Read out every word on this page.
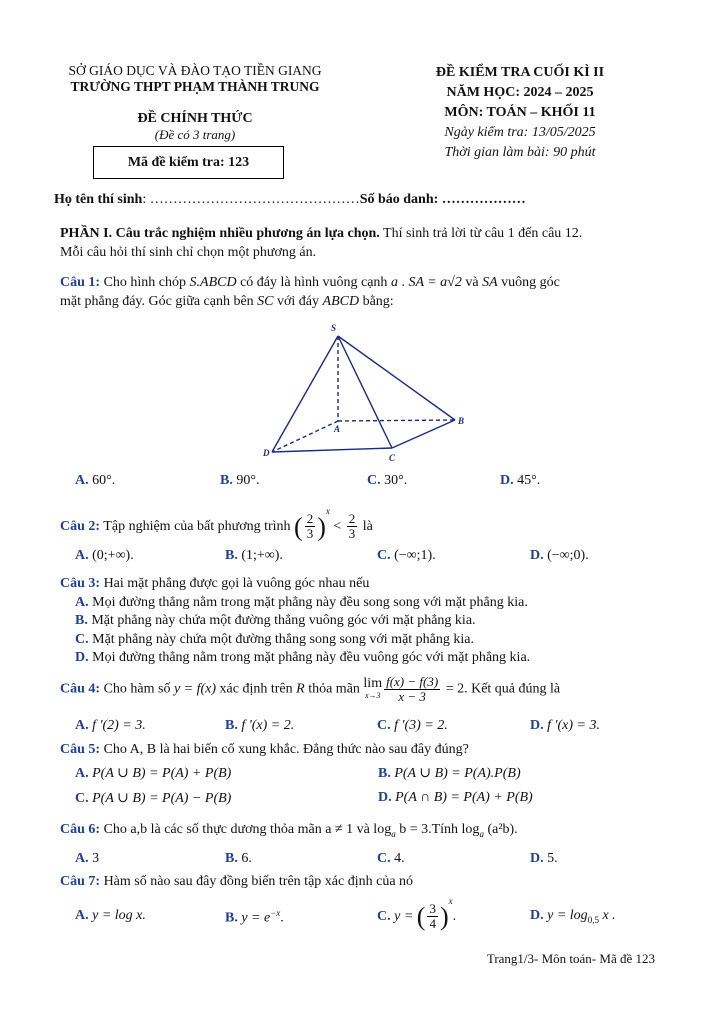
SỞ GIÁO DỤC VÀ ĐÀO TẠO TIỀN GIANG
TRƯỜNG THPT PHẠM THÀNH TRUNG
ĐỀ CHÍNH THỨC
(Đề có 3 trang)
Mã đề kiểm tra: 123
ĐỀ KIỂM TRA CUỐI KÌ II
NĂM HỌC: 2024 – 2025
MÔN: TOÁN – KHỐI 11
Ngày kiểm tra: 13/05/2025
Thời gian làm bài: 90 phút
Họ tên thí sinh: ………………………………………Số báo danh: ………………
PHẦN I. Câu trắc nghiệm nhiều phương án lựa chọn. Thí sinh trả lời từ câu 1 đến câu 12.
Mỗi câu hỏi thí sinh chỉ chọn một phương án.
Câu 1: Cho hình chóp S.ABCD có đáy là hình vuông cạnh a . SA = a√2 và SA vuông góc
mặt phẳng đáy. Góc giữa cạnh bên SC với đáy ABCD bằng:
S
A
B
C
D
A. 60°.	B. 90°.	C. 30°.	D. 45°.
Câu 2: Tập nghiệm của bất phương trình ( $\frac{2}{3} )^x < \frac{2}{3}$ là
A. (0;+∞).	B. (1;+∞).	C. (−∞;1).	D. (−∞;0).
Câu 3: Hai mặt phẳng được gọi là vuông góc nhau nếu
A. Mọi đường thẳng nằm trong mặt phẳng này đều song song với mặt phẳng kia.
B. Mặt phẳng này chứa một đường thẳng vuông góc với mặt phẳng kia.
C. Mặt phẳng này chứa một đường thẳng song song với mặt phẳng kia.
D. Mọi đường thẳng nằm trong mặt phẳng này đều vuông góc với mặt phẳng kia.
Câu 4: Cho hàm số y = f(x) xác định trên R thỏa mãn lim
$x\to 3 \frac{f(x) - f(3)}{x - 3} = 2$. Kết quả đúng là
A. f '(2) = 3.	B. f '(x) = 2.	C. f '(3) = 2.	D. f '(x) = 3.
Câu 5: Cho A, B là hai biến cố xung khắc. Đẳng thức nào sau đây đúng?
A. P(A ∪ B) = P(A) + P(B)	B. P(A ∪ B) = P(A).P(B)
C. P(A ∪ B) = P(A) − P(B)	D. P(A ∩ B) = P(A) + P(B)
Câu 6: Cho a,b là các số thực dương thỏa mãn a ≠ 1 và $\log_a b$ = 3.Tính $\log_a (a^2b)$.
A. 3	B. 6.	C. 4.	D. 5.
Câu 7: Hàm số nào sau đây đồng biến trên tập xác định của nó
A. y = log x.	B. $y = e^{-x}$.	C. y = ( $\frac{3}{4} )^x$.	D. $y = \log_{0,5} x$ .
Trang1/3- Môn toán- Mã đề 123
